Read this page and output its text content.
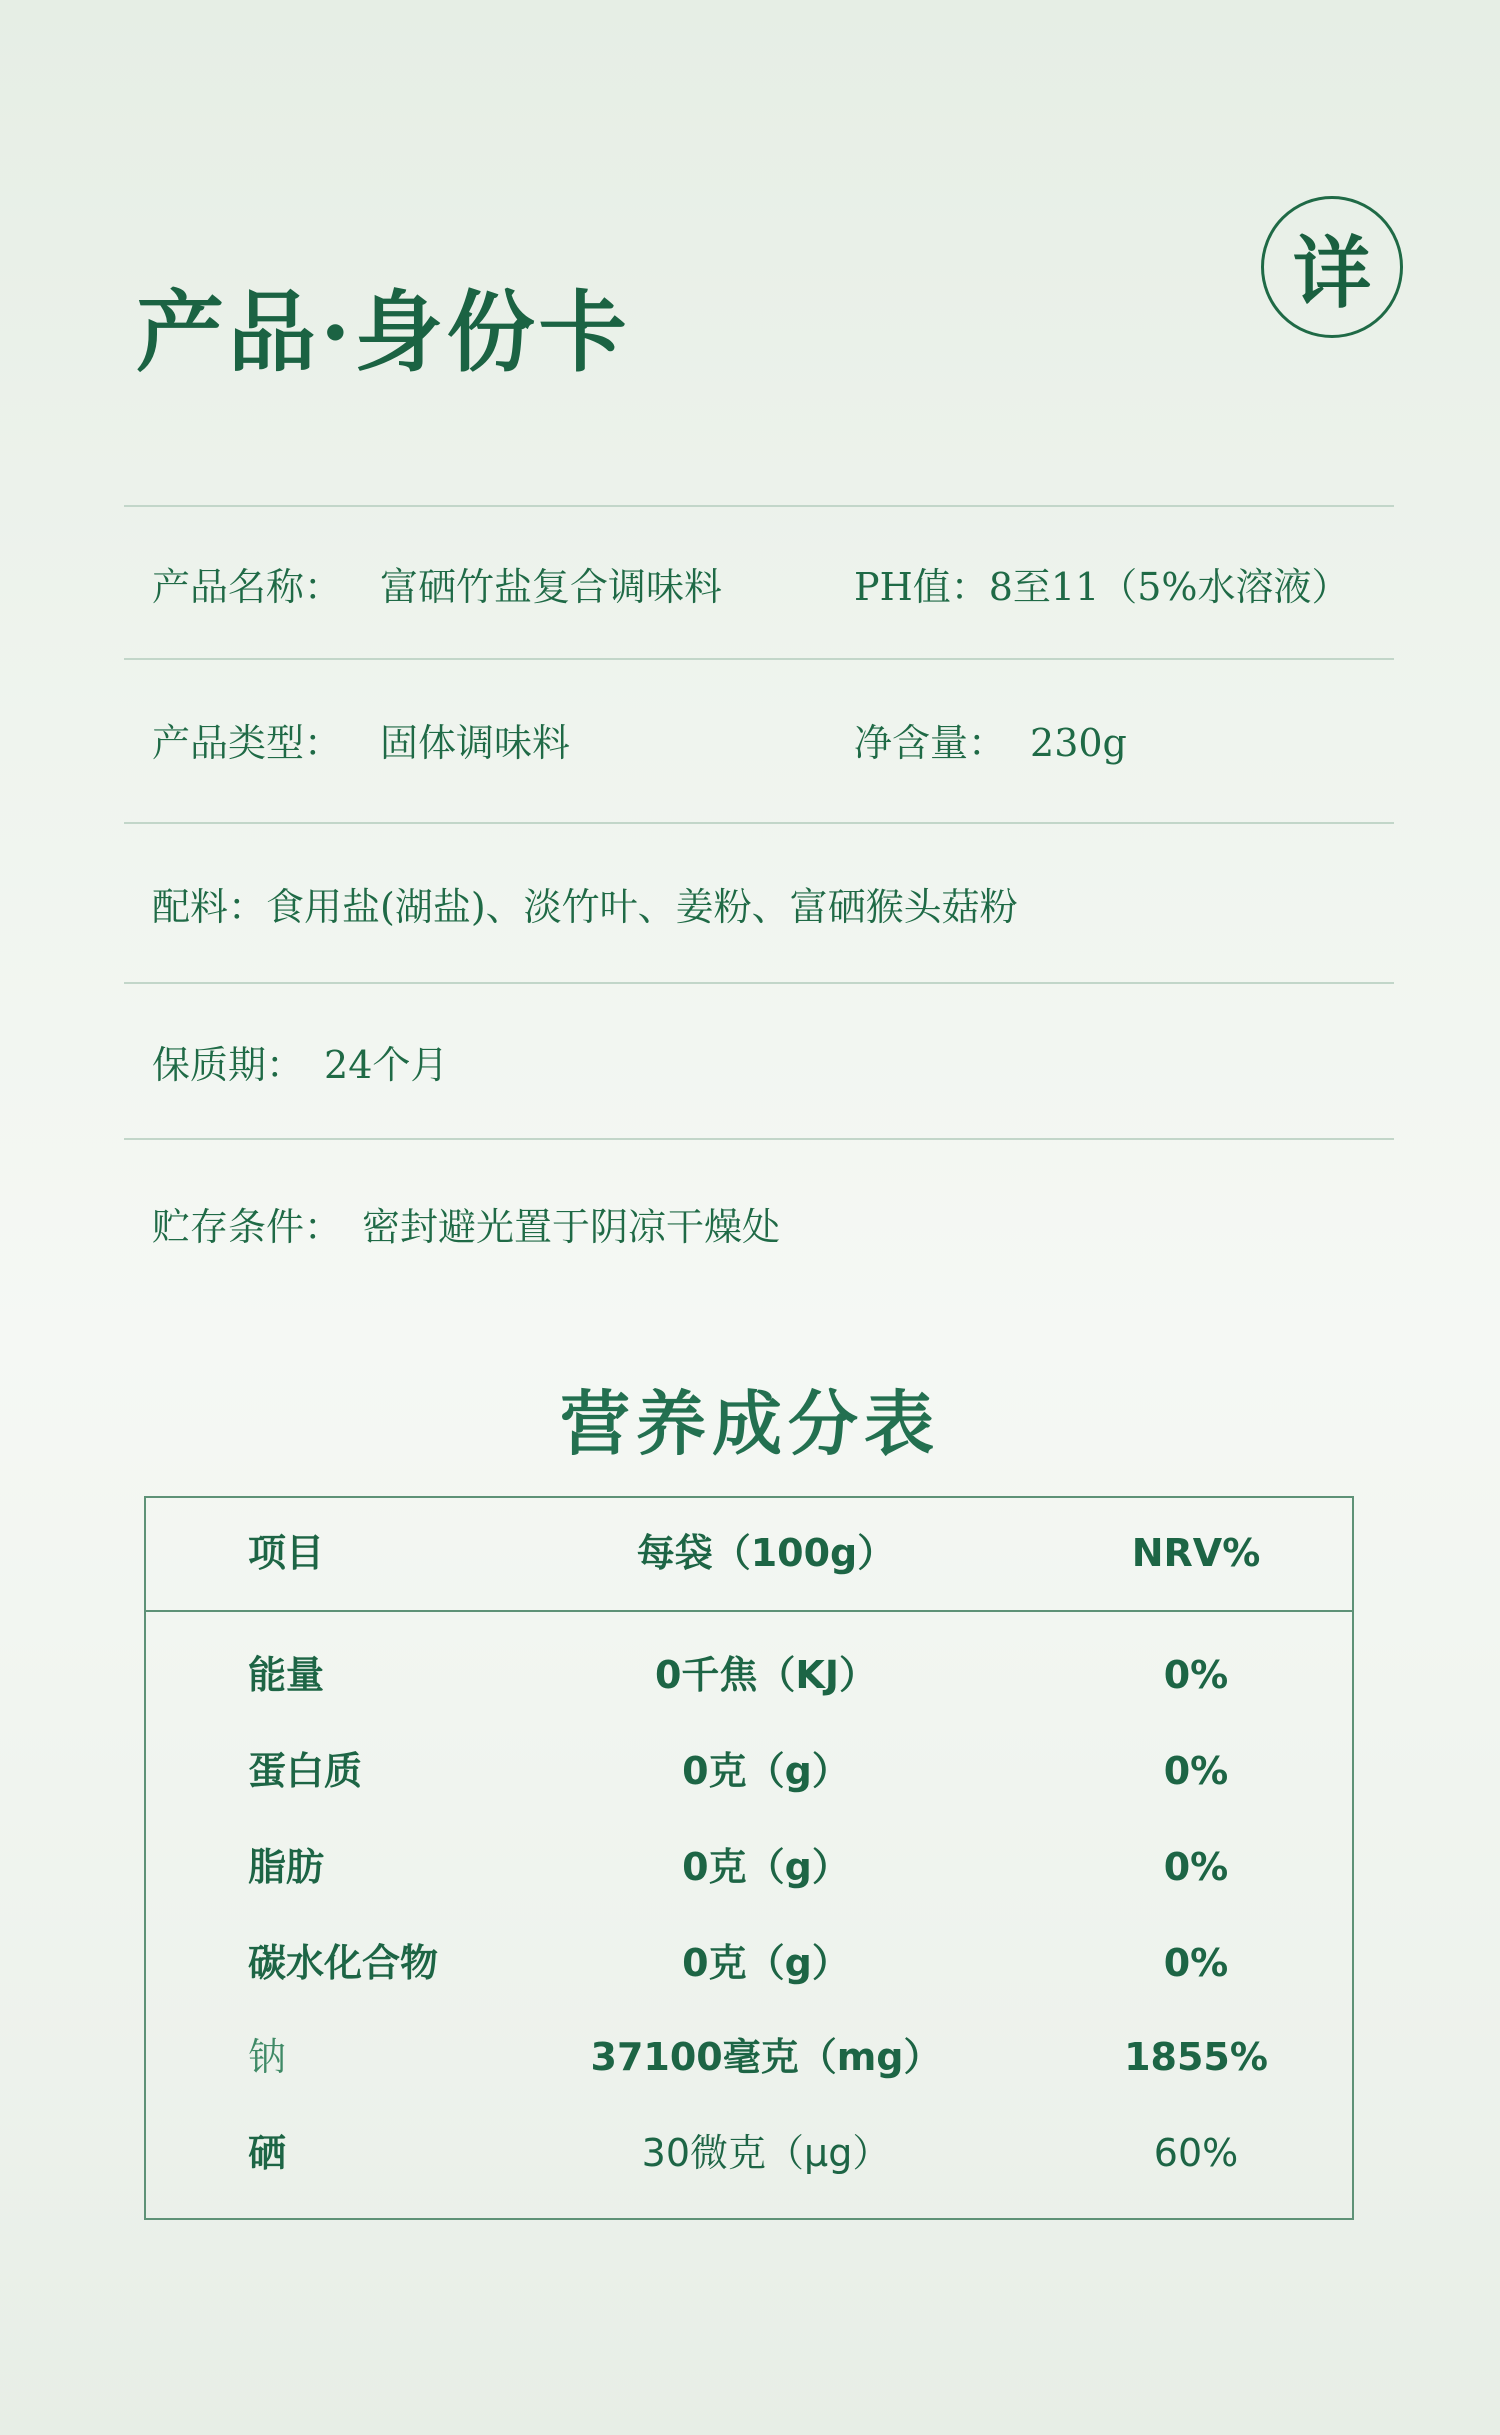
详
产品·身份卡
产品名称： 富硒竹盐复合调味料	PH值：8至11（5%水溶液）
产品类型： 固体调味料	净含量： 230g
配料：食用盐(湖盐)、淡竹叶、姜粉、富硒猴头菇粉
保质期： 24个月
贮存条件： 密封避光置于阴凉干燥处
营养成分表
项目	每袋（100g）	NRV%
能量	0千焦（KJ）	0%
蛋白质	0克（g）	0%
脂肪	0克（g）	0%
碳水化合物	0克（g）	0%
钠	37100毫克（mg）	1855%
硒	30微克（μg）	60%
